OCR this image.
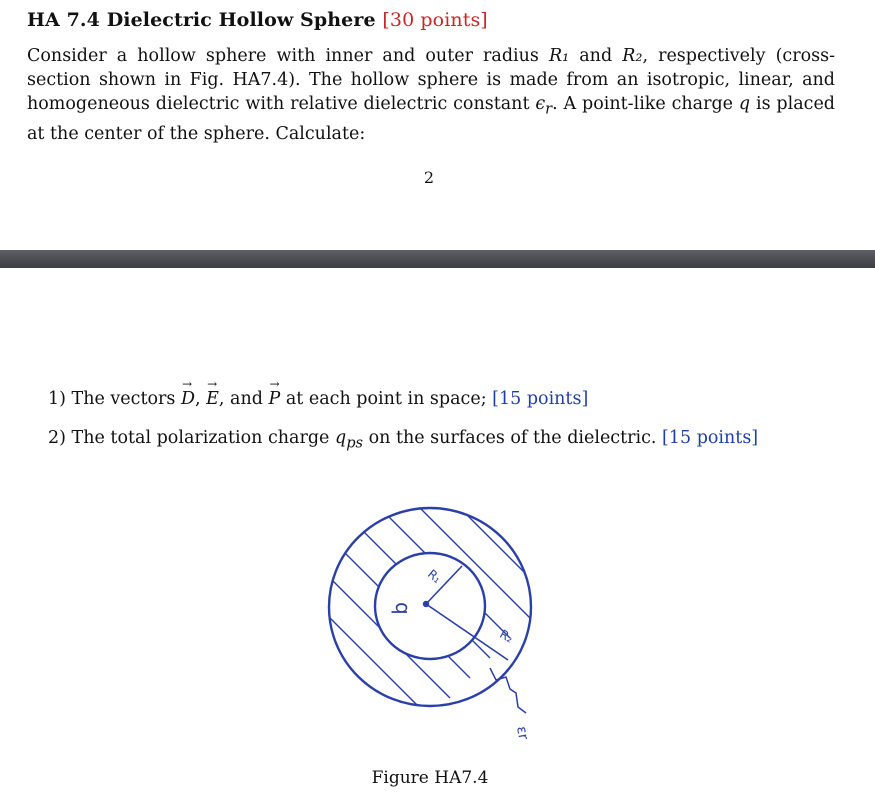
HA 7.4 Dielectric Hollow Sphere [30 points]
Consider a hollow sphere with inner and outer radius R₁ and R₂, respectively (cross-section shown in Fig. HA7.4). The hollow sphere is made from an isotropic, linear, and homogeneous dielectric with relative dielectric constant $\epsilon_r$. A point-like charge q is placed at the center of the sphere. Calculate:
2
1) The vectors → D, → E, and → P at each point in space; [15 points]
2) The total polarization charge $q_{ps}$ on the surfaces of the dielectric. [15 points]
q
R₁
R₂
εr
Figure HA7.4
